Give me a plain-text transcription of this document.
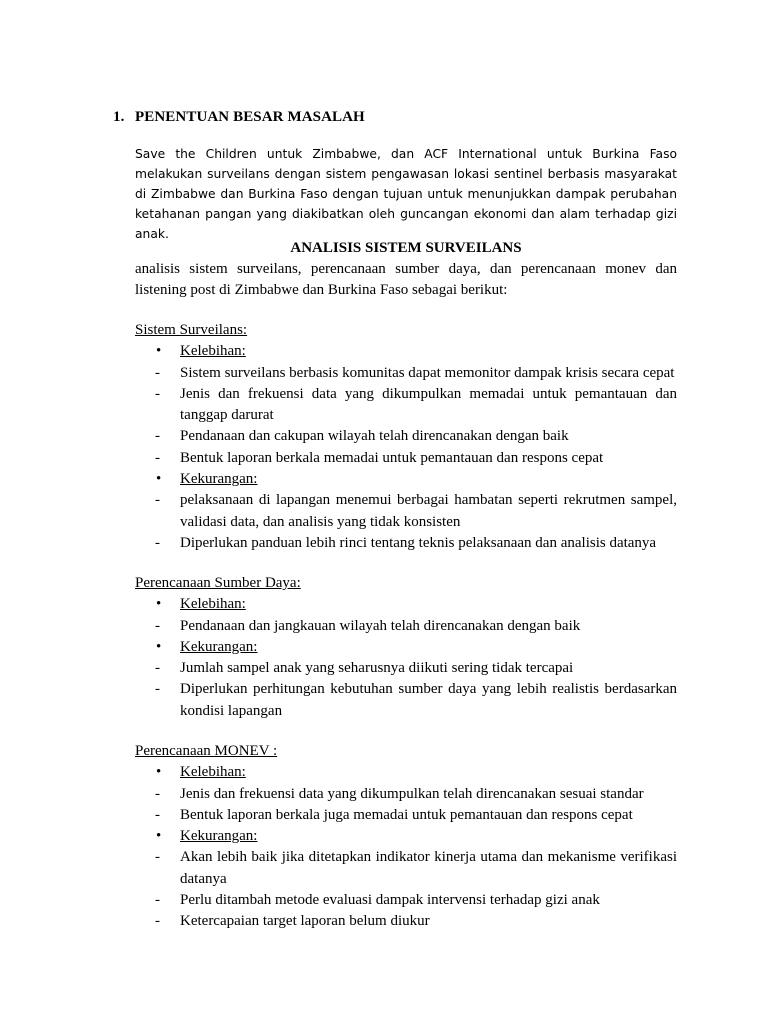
1. PENENTUAN BESAR MASALAH
Save the Children untuk Zimbabwe, dan ACF International untuk Burkina Faso melakukan surveilans dengan sistem pengawasan lokasi sentinel berbasis masyarakat di Zimbabwe dan Burkina Faso dengan tujuan untuk menunjukkan dampak perubahan ketahanan pangan yang diakibatkan oleh guncangan ekonomi dan alam terhadap gizi anak.
ANALISIS SISTEM SURVEILANS
analisis sistem surveilans, perencanaan sumber daya, dan perencanaan monev dan listening post di Zimbabwe dan Burkina Faso sebagai berikut:
Sistem Surveilans:
•	Kelebihan:
-	Sistem surveilans berbasis komunitas dapat memonitor dampak krisis secara cepat
-	Jenis dan frekuensi data yang dikumpulkan memadai untuk pemantauan dan tanggap darurat
-	Pendanaan dan cakupan wilayah telah direncanakan dengan baik
-	Bentuk laporan berkala memadai untuk pemantauan dan respons cepat
•	Kekurangan:
-	pelaksanaan di lapangan menemui berbagai hambatan seperti rekrutmen sampel, validasi data, dan analisis yang tidak konsisten
-	Diperlukan panduan lebih rinci tentang teknis pelaksanaan dan analisis datanya
Perencanaan Sumber Daya:
•	Kelebihan:
-	Pendanaan dan jangkauan wilayah telah direncanakan dengan baik
•	Kekurangan:
-	Jumlah sampel anak yang seharusnya diikuti sering tidak tercapai
-	Diperlukan perhitungan kebutuhan sumber daya yang lebih realistis berdasarkan kondisi lapangan
Perencanaan MONEV :
•	Kelebihan:
-	Jenis dan frekuensi data yang dikumpulkan telah direncanakan sesuai standar
-	Bentuk laporan berkala juga memadai untuk pemantauan dan respons cepat
•	Kekurangan:
-	Akan lebih baik jika ditetapkan indikator kinerja utama dan mekanisme verifikasi datanya
-	Perlu ditambah metode evaluasi dampak intervensi terhadap gizi anak
-	Ketercapaian target laporan belum diukur
